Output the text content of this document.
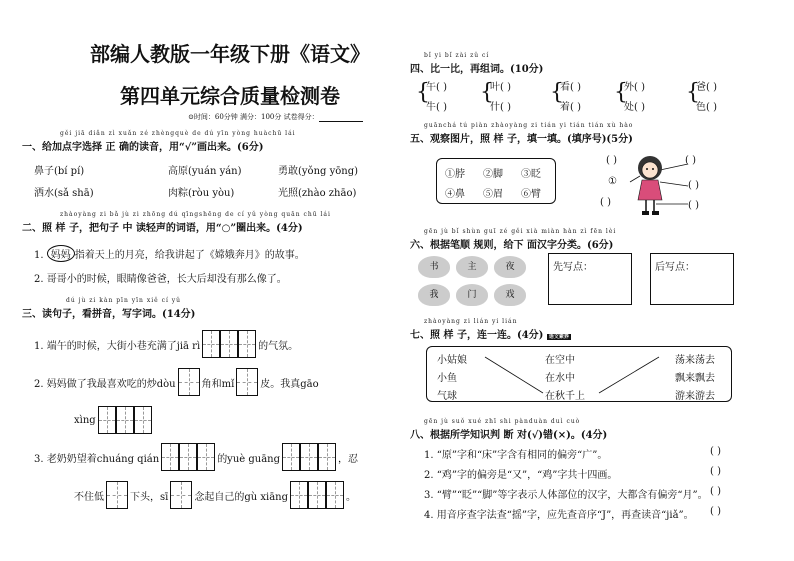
部编人教版一年级下册《语文》
第四单元综合质量检测卷
⊙时间：60分钟 满分：100分 试卷得分：
gěi jiā diǎn zì xuǎn zé zhèngquè de dú yīn yòng huàchū lái
一、给加点字选择 正 确的读音，用“√”画出来。(6分)
鼻子(bí pí)	高原(yuán yán)	勇敢(yǒng yōng)
洒水(sǎ shā)	肉粽(ròu yòu)	光照(zhào zhāo)
zhàoyàng zi bǎ jù zi zhōng dú qīngshēng de cí yǔ yòng quān chū lái
二、照 样 子，把句子 中 读轻声的词语，用“○”圈出来。(4分)
1. 妈妈 指着天上的月亮，给我讲起了《嫦娥奔月》的故事。
2. 哥哥小的时候，眼睛像爸爸，长大后却没有那么像了。
dú jù zi kàn pīn yīn xiě cí yǔ
三、读句子，看拼音，写字词。(14分)
1. 端午的时候，大街小巷充满了jiā rì	的气氛。
2. 妈妈做了我最喜欢吃的炒dòu	角和mǐ	皮。我真gāo
xìng
3. 老奶奶望着chuáng qián	的yuè guāng	，忍
不住低	下头，sī	念起自己的gù xiāng	。
bǐ yi bǐ zài zǔ cí
四、比一比，再组词。(10分)
{
午( )
牛( )
{
叶( )
什( )
{
看( )
着( )
{
外( )
处( )
{
爸( )
色( )
guānchá tú piàn zhàoyàng zi tián yi tián tián xù hào
五、观察图片，照 样 子，填一填。(填序号)(5分)
①脖 ②脚 ③眨
④鼻 ⑤眉 ⑥臂
( )	( )
①	( )
( )	( )
gēn jù bǐ shùn guī zé gěi xià miàn hàn zì fēn lèi
六、根据笔顺 规则，给下 面汉字分类。(6分)
书	主	夜
我	门	戏
先写点：	后写点：
zhàoyàng zi lián yi lián
七、照 样 子，连一连。(4分) 语文素养
小姑娘
小鱼
气球
在空中
在水中
在秋千上
荡来荡去
飘来飘去
游来游去
gēn jù suǒ xué zhī shi pànduàn duì cuò
八、根据所学知识判 断 对(√)错(×)。(4分)
1. “原”字和“床”字含有相同的偏旁“广”。	( )
2. “鸡”字的偏旁是“又”，“鸡”字共十四画。	( )
3. “臂”“眨”“脚”等字表示人体部位的汉字，大都含有偏旁“月”。 ( )
4. 用音序查字法查“摇”字，应先查音序“J”，再查读音“jiǎ”。 ( )
